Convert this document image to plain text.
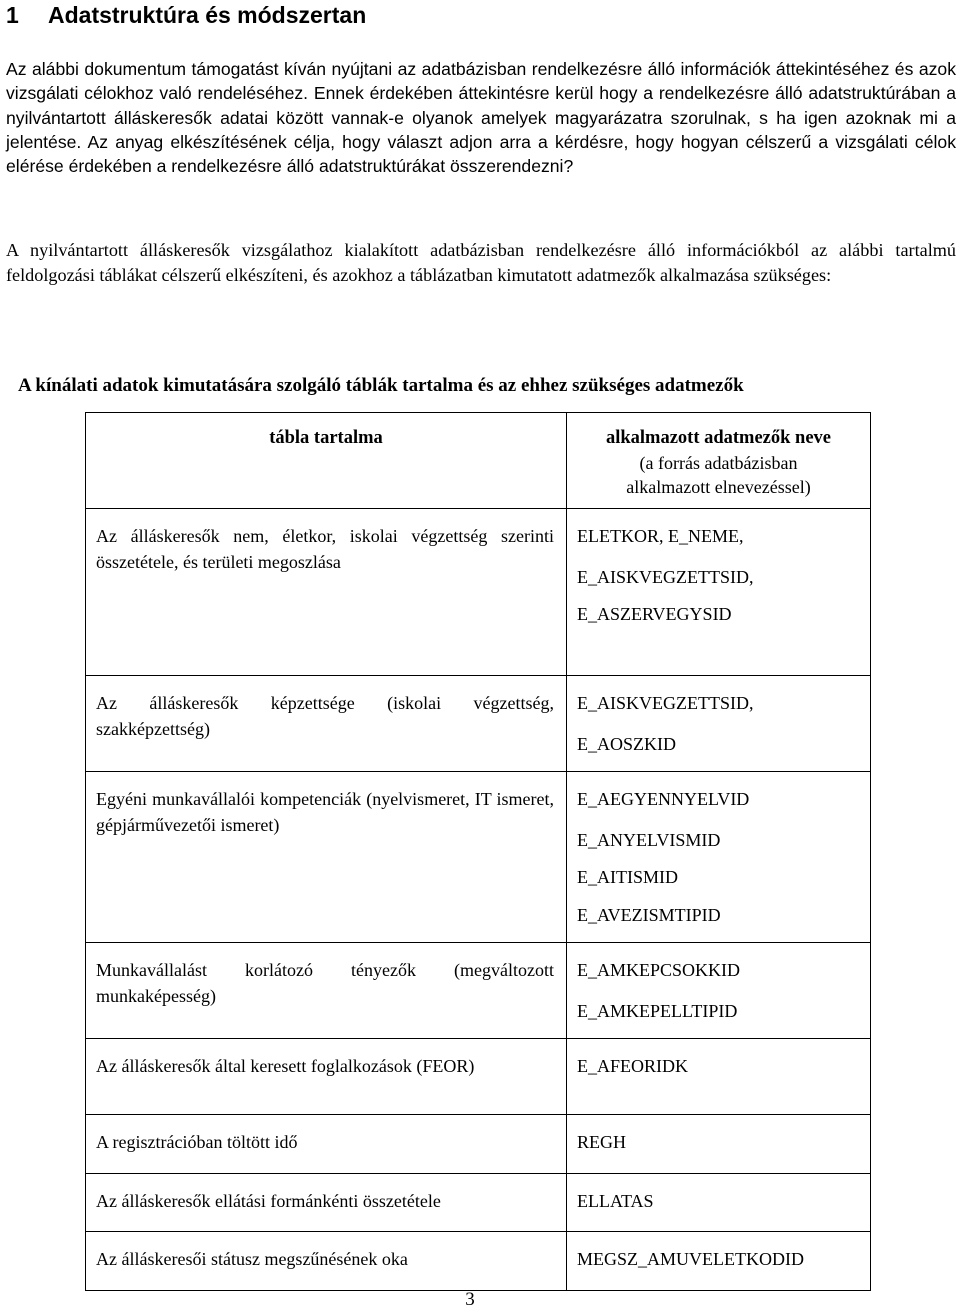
1 Adatstruktúra és módszertan

Az alábbi dokumentum támogatást kíván nyújtani az adatbázisban rendelkezésre álló információk áttekintéséhez és azok vizsgálati célokhoz való rendeléséhez. Ennek érdekében áttekintésre kerül hogy a rendelkezésre álló adatstruktúrában a nyilvántartott álláskeresők adatai között vannak-e olyanok amelyek magyarázatra szorulnak, s ha igen azoknak mi a jelentése. Az anyag elkészítésének célja, hogy választ adjon arra a kérdésre, hogy hogyan célszerű a vizsgálati célok elérése érdekében a rendelkezésre álló adatstruktúrákat összerendezni?

A nyilvántartott álláskeresők vizsgálathoz kialakított adatbázisban rendelkezésre álló információkból az alábbi tartalmú feldolgozási táblákat célszerű elkészíteni, és azokhoz a táblázatban kimutatott adatmezők alkalmazása szükséges:

A kínálati adatok kimutatására szolgáló táblák tartalma és az ehhez szükséges adatmezők
tábla tartalma	alkalmazott adatmezők neve
(a forrás adatbázisban
alkalmazott elnevezéssel)

Az álláskeresők nem, életkor, iskolai végzettség szerinti összetétele, és területi megoszlása	ELETKOR, E_NEME,
E_AISKVEGZETTSID,
E_ASZERVEGYSID

Az álláskeresők képzettsége (iskolai végzettség, szakképzettség)	E_AISKVEGZETTSID,
E_AOSZKID

Egyéni munkavállalói kompetenciák (nyelvismeret, IT ismeret, gépjárművezetői ismeret)	E_AEGYENNYELVID
E_ANYELVISMID
E_AITISMID
E_AVEZISMTIPID

Munkavállalást korlátozó tényezők (megváltozott munkaképesség)	E_AMKEPCSOKKID
E_AMKEPELLTIPID

Az álláskeresők által keresett foglalkozások (FEOR)	E_AFEORIDK

A regisztrációban töltött idő	REGH

Az álláskeresők ellátási formánkénti összetétele	ELLATAS

Az álláskeresői státusz megszűnésének oka	MEGSZ_AMUVELETKODID
3
